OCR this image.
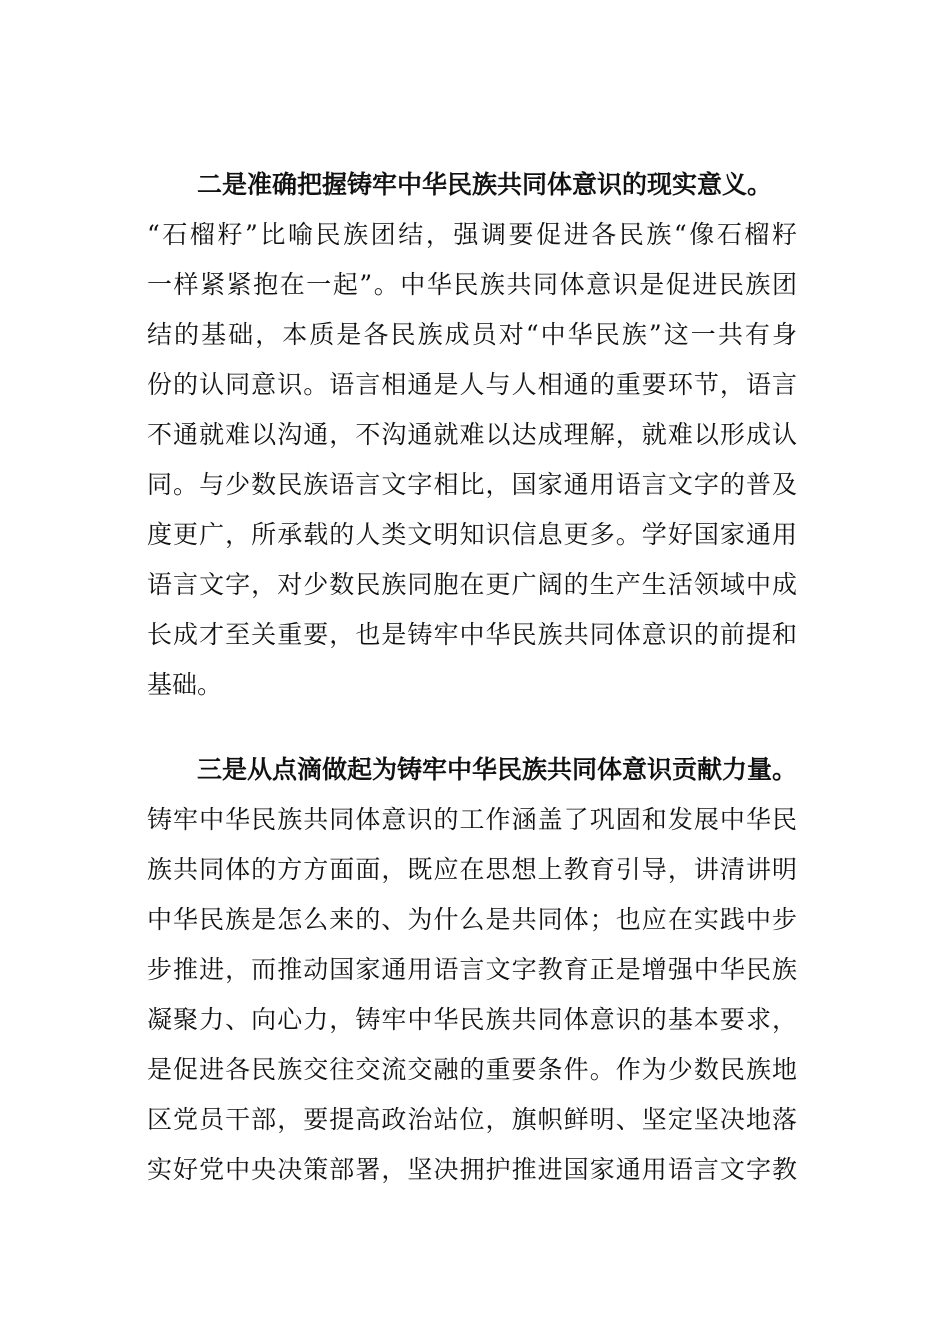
二是准确把握铸牢中华民族共同体意识的现实意义。
“石榴籽”比喻民族团结，强调要促进各民族“像石榴籽
一样紧紧抱在一起”。中华民族共同体意识是促进民族团
结的基础，本质是各民族成员对“中华民族”这一共有身
份的认同意识。语言相通是人与人相通的重要环节，语言
不通就难以沟通，不沟通就难以达成理解，就难以形成认
同。与少数民族语言文字相比，国家通用语言文字的普及
度更广，所承载的人类文明知识信息更多。学好国家通用
语言文字，对少数民族同胞在更广阔的生产生活领域中成
长成才至关重要，也是铸牢中华民族共同体意识的前提和
基础。
三是从点滴做起为铸牢中华民族共同体意识贡献力量。
铸牢中华民族共同体意识的工作涵盖了巩固和发展中华民
族共同体的方方面面，既应在思想上教育引导，讲清讲明
中华民族是怎么来的、为什么是共同体；也应在实践中步
步推进，而推动国家通用语言文字教育正是增强中华民族
凝聚力、向心力，铸牢中华民族共同体意识的基本要求，
是促进各民族交往交流交融的重要条件。作为少数民族地
区党员干部，要提高政治站位，旗帜鲜明、坚定坚决地落
实好党中央决策部署，坚决拥护推进国家通用语言文字教
